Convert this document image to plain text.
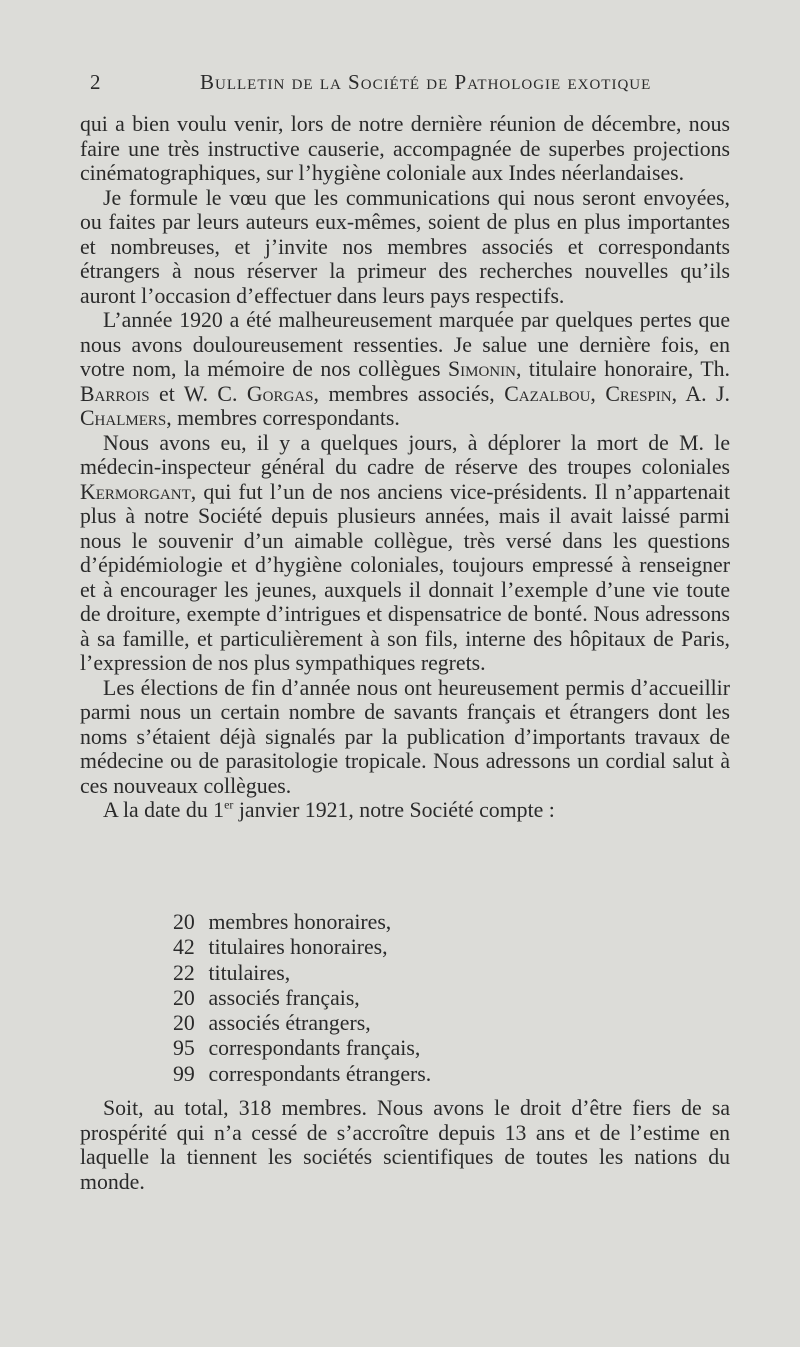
2	Bulletin de la Société de Pathologie exotique

qui a bien voulu venir, lors de notre dernière réunion de décembre, nous faire une très instructive causerie, accompagnée de superbes projections cinématographiques, sur l’hygiène coloniale aux Indes néerlandaises.

Je formule le vœu que les communications qui nous seront envoyées, ou faites par leurs auteurs eux-mêmes, soient de plus en plus importantes et nombreuses, et j’invite nos membres associés et correspondants étrangers à nous réserver la primeur des recherches nouvelles qu’ils auront l’occasion d’effectuer dans leurs pays respectifs.

L’année 1920 a été malheureusement marquée par quelques pertes que nous avons douloureusement ressenties. Je salue une dernière fois, en votre nom, la mémoire de nos collègues Simonin, titulaire honoraire, Th. Barrois et W. C. Gorgas, membres associés, Cazalbou, Crespin, A. J. Chalmers, membres correspondants.

Nous avons eu, il y a quelques jours, à déplorer la mort de M. le médecin-inspecteur général du cadre de réserve des troupes coloniales Kermorgant, qui fut l’un de nos anciens vice-présidents. Il n’appartenait plus à notre Société depuis plusieurs années, mais il avait laissé parmi nous le souvenir d’un aimable collègue, très versé dans les questions d’épidémiologie et d’hygiène coloniales, toujours empressé à renseigner et à encourager les jeunes, auxquels il donnait l’exemple d’une vie toute de droiture, exempte d’intrigues et dispensatrice de bonté. Nous adressons à sa famille, et particulièrement à son fils, interne des hôpitaux de Paris, l’expression de nos plus sympathiques regrets.

Les élections de fin d’année nous ont heureusement permis d’accueillir parmi nous un certain nombre de savants français et étrangers dont les noms s’étaient déjà signalés par la publication d’importants travaux de médecine ou de parasitologie tropicale. Nous adressons un cordial salut à ces nouveaux collègues.

A la date du 1er janvier 1921, notre Société compte :

20 membres honoraires,
42 titulaires honoraires,
22 titulaires,
20 associés français,
20 associés étrangers,
95 correspondants français,
99 correspondants étrangers.

Soit, au total, 318 membres. Nous avons le droit d’être fiers de sa prospérité qui n’a cessé de s’accroître depuis 13 ans et de l’estime en laquelle la tiennent les sociétés scientifiques de toutes les nations du monde.
